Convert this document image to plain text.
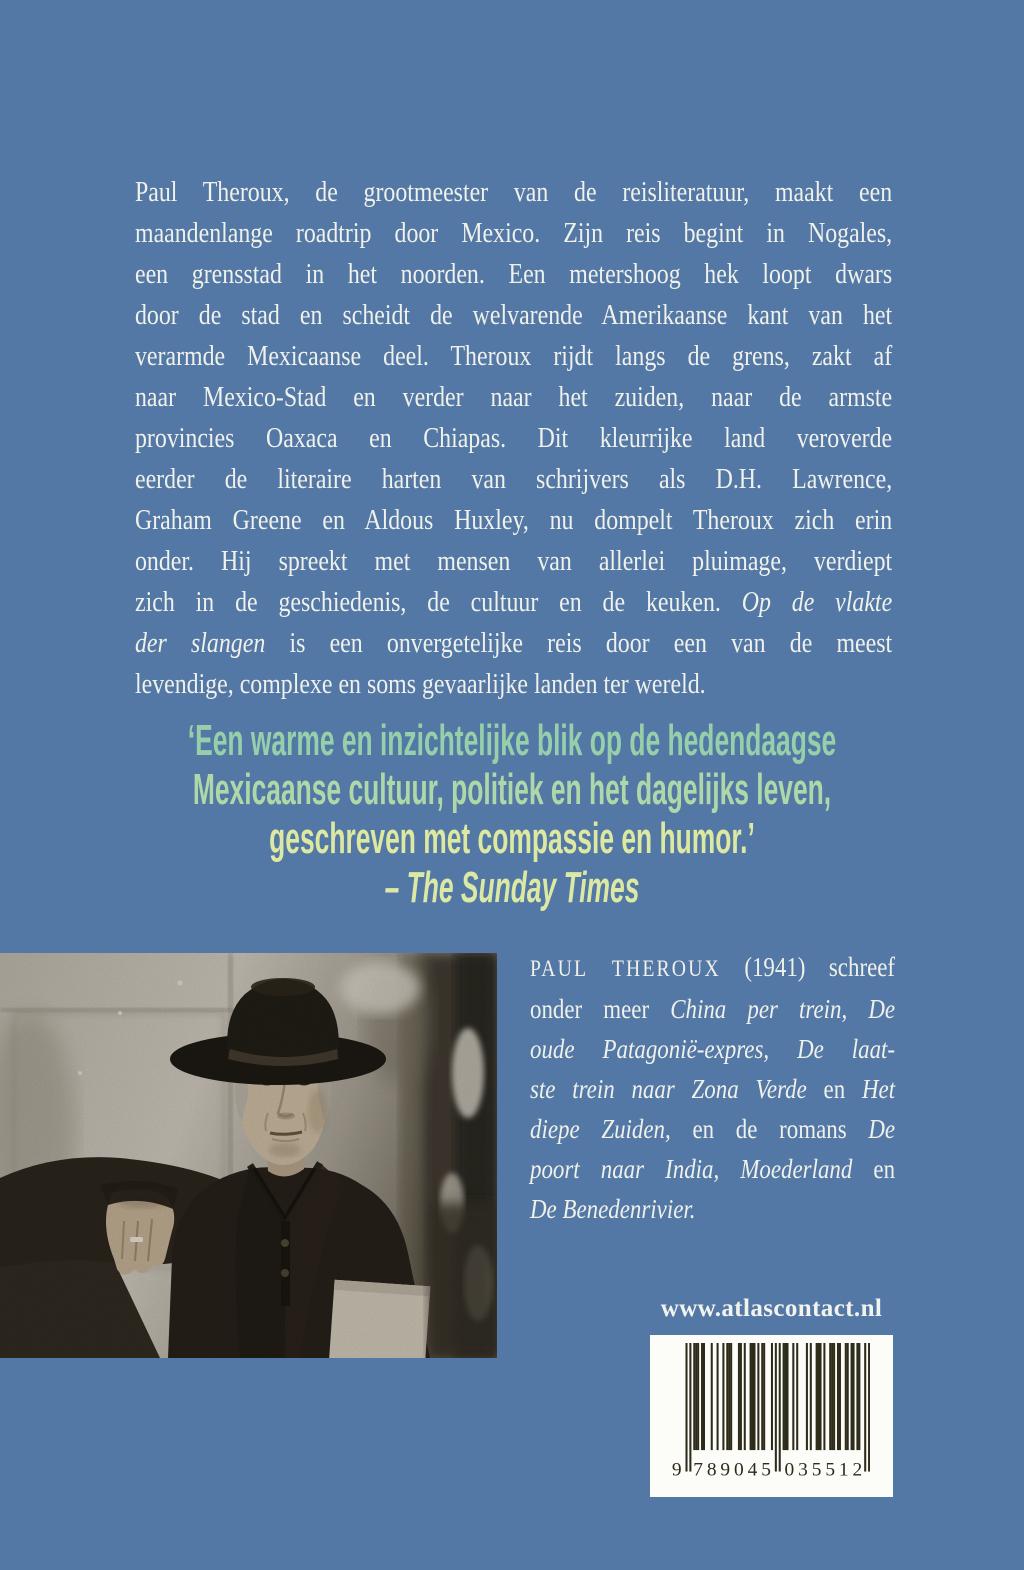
Paul Theroux, de grootmeester van de reisliteratuur, maakt een
maandenlange roadtrip door Mexico. Zijn reis begint in Nogales,
een grensstad in het noorden. Een metershoog hek loopt dwars
door de stad en scheidt de welvarende Amerikaanse kant van het
verarmde Mexicaanse deel. Theroux rijdt langs de grens, zakt af
naar Mexico-Stad en verder naar het zuiden, naar de armste
provincies Oaxaca en Chiapas. Dit kleurrijke land veroverde
eerder de literaire harten van schrijvers als D.H. Lawrence,
Graham Greene en Aldous Huxley, nu dompelt Theroux zich erin
onder. Hij spreekt met mensen van allerlei pluimage, verdiept
zich in de geschiedenis, de cultuur en de keuken. Op de vlakte
der slangen is een onvergetelijke reis door een van de meest
levendige, complexe en soms gevaarlijke landen ter wereld.
‘Een warme en inzichtelijke blik op de hedendaagse
Mexicaanse cultuur, politiek en het dagelijks leven,
geschreven met compassie en humor.’
– The Sunday Times
PAUL THEROUX (1941) schreef
onder meer China per trein, De
oude Patagonië-expres, De laat-
ste trein naar Zona Verde en Het
diepe Zuiden, en de romans De
poort naar India, Moederland en
De Benedenrivier.
www.atlascontact.nl
9 7 8 9 0 4 5 0 3 5 5 1 2
